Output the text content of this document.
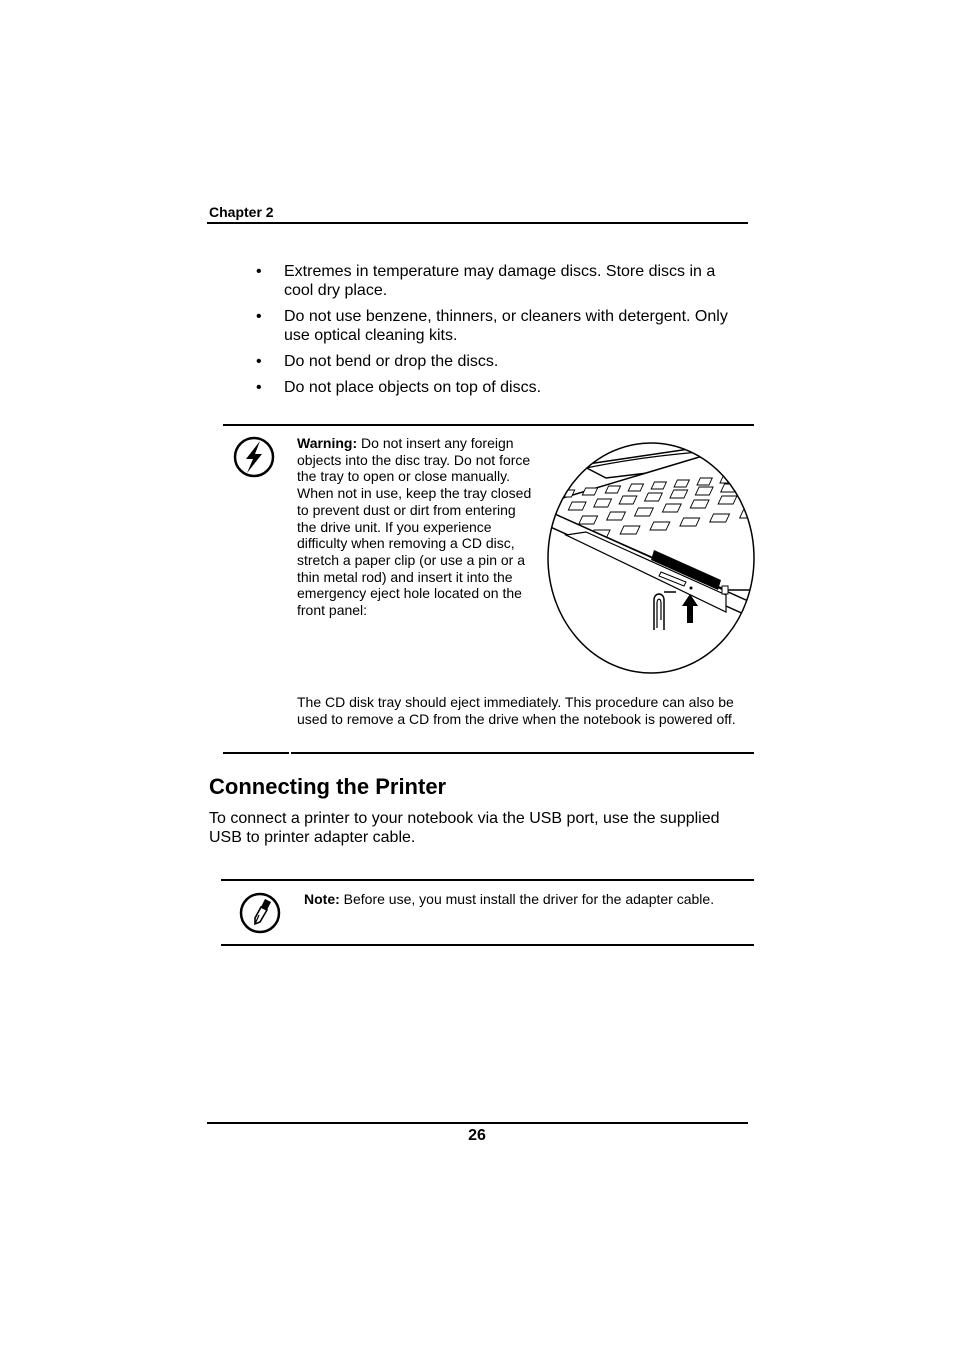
Chapter 2
• Extremes in temperature may damage discs. Store discs in a cool dry place.
• Do not use benzene, thinners, or cleaners with detergent. Only use optical cleaning kits.
• Do not bend or drop the discs.
• Do not place objects on top of discs.
Warning: Do not insert any foreign objects into the disc tray. Do not force the tray to open or close manually. When not in use, keep the tray closed to prevent dust or dirt from entering the drive unit. If you experience difficulty when removing a CD disc, stretch a paper clip (or use a pin or a thin metal rod) and insert it into the emergency eject hole located on the front panel:
The CD disk tray should eject immediately. This procedure can also be used to remove a CD from the drive when the notebook is powered off.
Connecting the Printer
To connect a printer to your notebook via the USB port, use the supplied USB to printer adapter cable.
Note: Before use, you must install the driver for the adapter cable.
26
